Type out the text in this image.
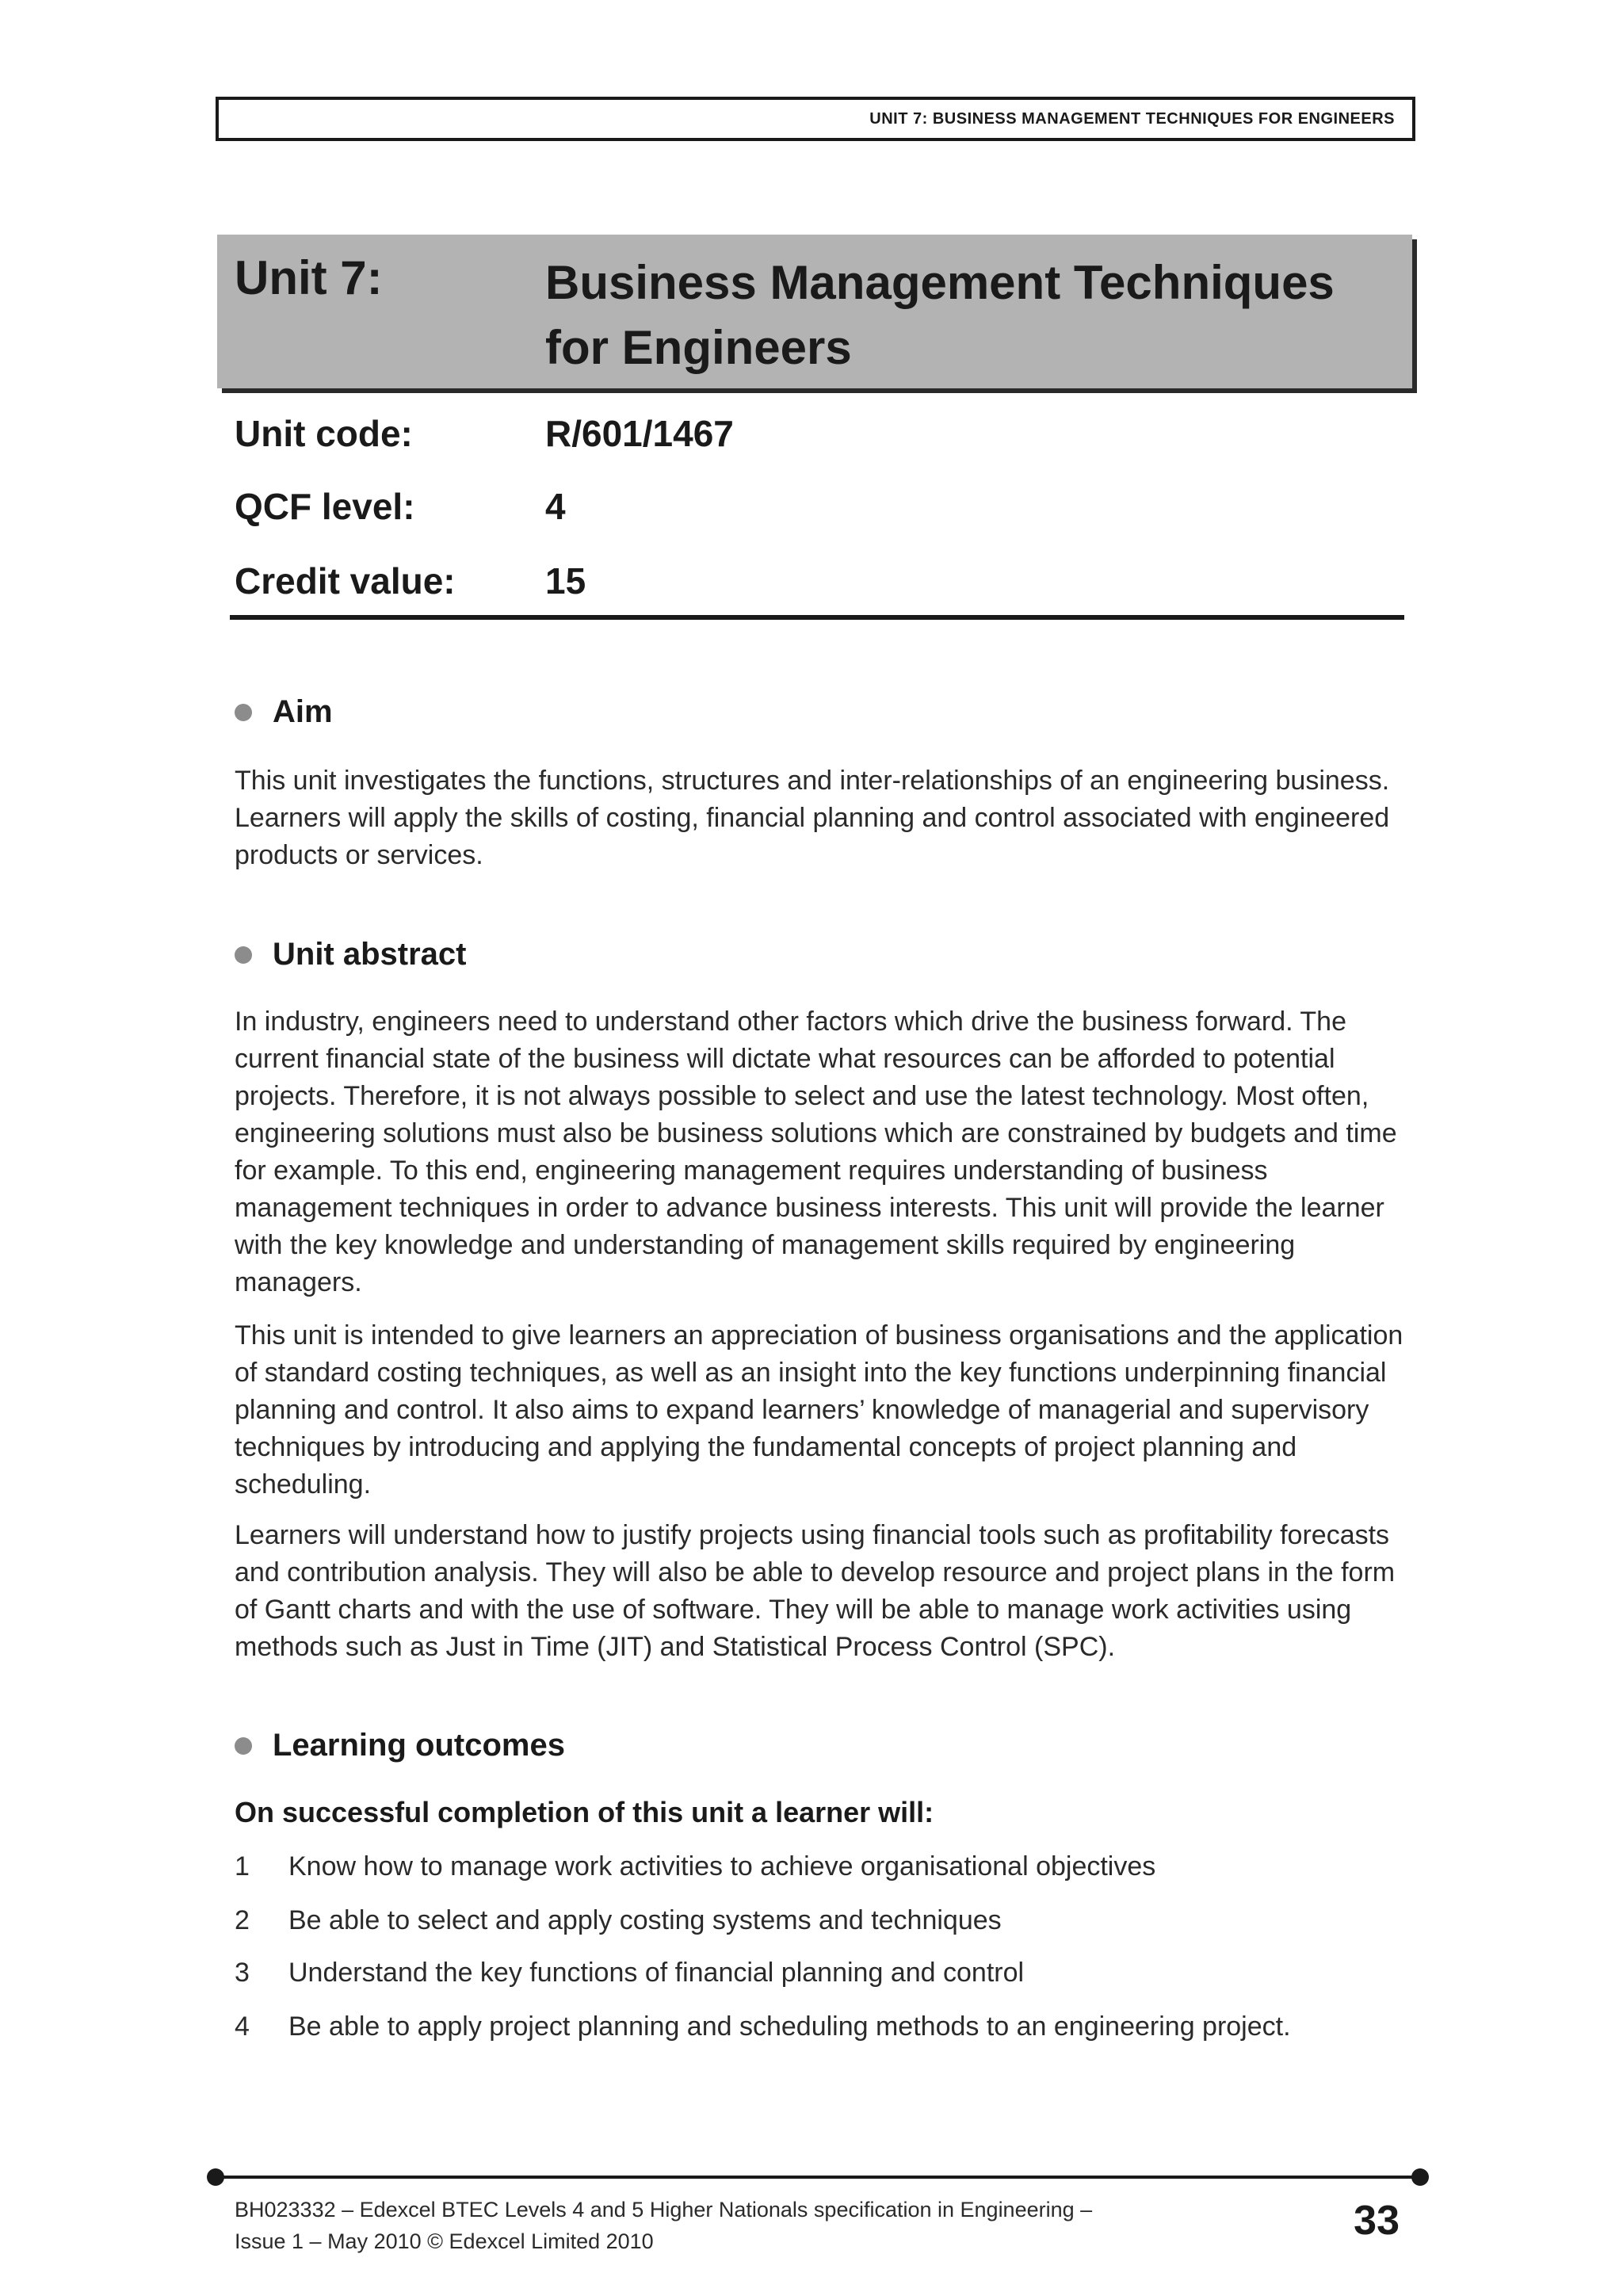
UNIT 7: BUSINESS MANAGEMENT TECHNIQUES FOR ENGINEERS
Unit 7:	Business Management Techniques for Engineers
Unit code:	R/601/1467
QCF level:	4
Credit value: 15
Aim

This unit investigates the functions, structures and inter-relationships of an engineering business. Learners will apply the skills of costing, financial planning and control associated with engineered products or services.

Unit abstract

In industry, engineers need to understand other factors which drive the business forward. The current financial state of the business will dictate what resources can be afforded to potential projects. Therefore, it is not always possible to select and use the latest technology. Most often, engineering solutions must also be business solutions which are constrained by budgets and time for example. To this end, engineering management requires understanding of business management techniques in order to advance business interests. This unit will provide the learner with the key knowledge and understanding of management skills required by engineering managers.

This unit is intended to give learners an appreciation of business organisations and the application of standard costing techniques, as well as an insight into the key functions underpinning financial planning and control. It also aims to expand learners’ knowledge of managerial and supervisory techniques by introducing and applying the fundamental concepts of project planning and scheduling.

Learners will understand how to justify projects using financial tools such as profitability forecasts and contribution analysis. They will also be able to develop resource and project plans in the form of Gantt charts and with the use of software. They will be able to manage work activities using methods such as Just in Time (JIT) and Statistical Process Control (SPC).

Learning outcomes
On successful completion of this unit a learner will:
1 Know how to manage work activities to achieve organisational objectives
2 Be able to select and apply costing systems and techniques
3 Understand the key functions of financial planning and control
4 Be able to apply project planning and scheduling methods to an engineering project.
BH023332 – Edexcel BTEC Levels 4 and 5 Higher Nationals specification in Engineering –
Issue 1 – May 2010 © Edexcel Limited 2010	33
